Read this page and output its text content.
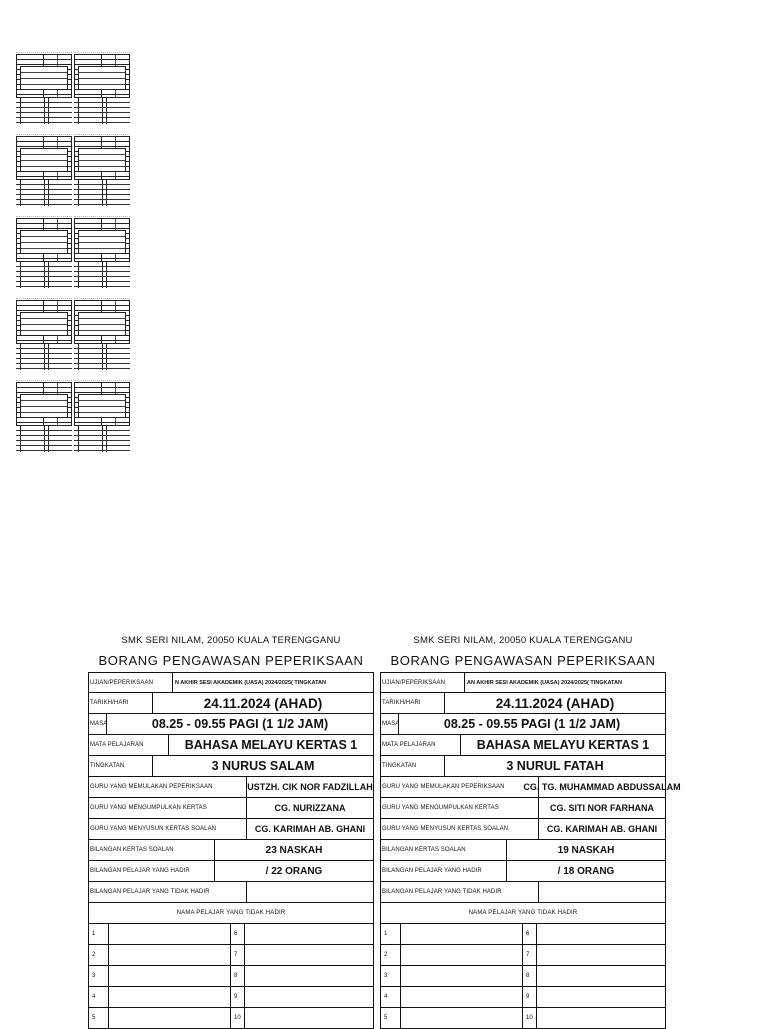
SMK SERI NILAM, 20050 KUALA TERENGGANU
BORANG PENGAWASAN PEPERIKSAAN
UJIAN/PEPERIKSAAN	N AKHIR SESI AKADEMIK (UASA) 2024/2025( TINGKATAN
TARIKH/HARI	24.11.2024 (AHAD)
MASA	08.25 - 09.55 PAGI (1 1/2 JAM)
MATA PELAJARAN	BAHASA MELAYU KERTAS 1
TINGKATAN	3 NURUS SALAM
GURU YANG MEMULAKAN PEPERIKSAAN	USTZH. CIK NOR FADZILLAH
GURU YANG MENGUMPULKAN KERTAS	CG. NURIZZANA
GURU YANG MENYUSUN KERTAS SOALAN	CG. KARIMAH AB. GHANI
BILANGAN KERTAS SOALAN	23 NASKAH
BILANGAN PELAJAR YANG HADIR	/ 22 ORANG
BILANGAN PELAJAR YANG TIDAK HADIR
NAMA PELAJAR YANG TIDAK HADIR
1	6
2	7
3	8
4	9
5	10
SMK SERI NILAM, 20050 KUALA TERENGGANU
BORANG PENGAWASAN PEPERIKSAAN
UJIAN/PEPERIKSAAN	AN AKHIR SESI AKADEMIK (UASA) 2024/2025( TINGKATAN
TARIKH/HARI	24.11.2024 (AHAD)
MASA	08.25 - 09.55 PAGI (1 1/2 JAM)
MATA PELAJARAN	BAHASA MELAYU KERTAS 1
TINGKATAN	3 NURUL FATAH
GURU YANG MEMULAKAN PEPERIKSAAN	CG. TG. MUHAMMAD ABDUSSALAM
GURU YANG MENGUMPULKAN KERTAS	CG. SITI NOR FARHANA
GURU YANG MENYUSUN KERTAS SOALAN	CG. KARIMAH AB. GHANI
BILANGAN KERTAS SOALAN	19 NASKAH
BILANGAN PELAJAR YANG HADIR	/ 18 ORANG
BILANGAN PELAJAR YANG TIDAK HADIR
NAMA PELAJAR YANG TIDAK HADIR
1	6
2	7
3	8
4	9
5	10
